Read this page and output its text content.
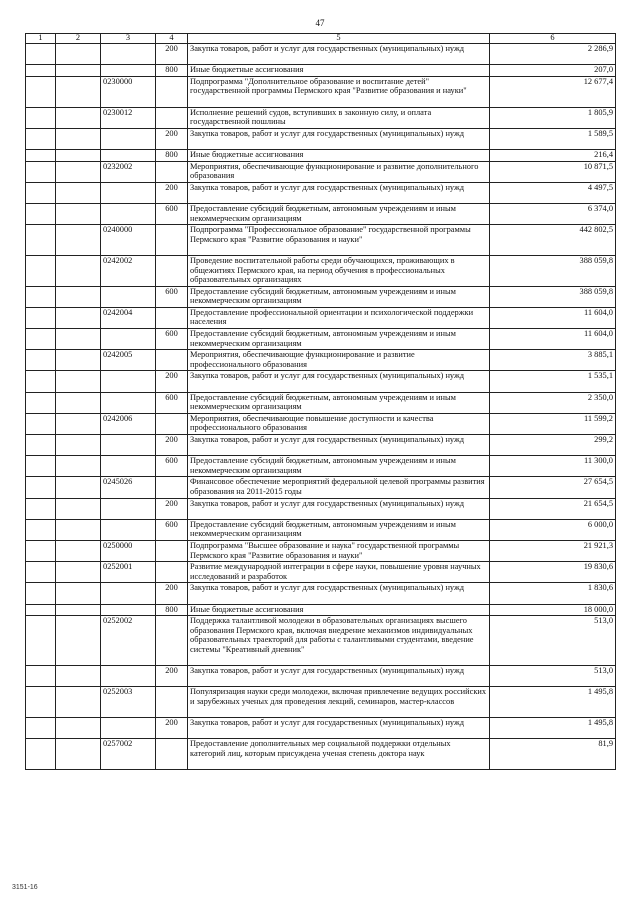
47
1	2	3	4	5	6
			200	Закупка товаров, работ и услуг для государственных (муниципальных) нужд	2 286,9
			800	Иные бюджетные ассигнования	207,0
		0230000		Подпрограмма "Дополнительное образование и воспитание детей" государственной программы Пермского края "Развитие образования и науки"	12 677,4
		0230012		Исполнение решений судов, вступивших в законную силу, и оплата государственной пошлины	1 805,9
			200	Закупка товаров, работ и услуг для государственных (муниципальных) нужд	1 589,5
			800	Иные бюджетные ассигнования	216,4
		0232002		Мероприятия, обеспечивающие функционирование и развитие дополнительного образования	10 871,5
			200	Закупка товаров, работ и услуг для государственных (муниципальных) нужд	4 497,5
			600	Предоставление субсидий бюджетным, автономным учреждениям и иным некоммерческим организациям	6 374,0
		0240000		Подпрограмма "Профессиональное образование" государственной программы Пермского края "Развитие образования и науки"	442 802,5
		0242002		Проведение воспитательной работы среди обучающихся, проживающих в общежитиях Пермского края, на период обучения в профессиональных образовательных организациях	388 059,8
			600	Предоставление субсидий бюджетным, автономным учреждениям и иным некоммерческим организациям	388 059,8
		0242004		Предоставление профессиональной ориентации и психологической поддержки населения	11 604,0
			600	Предоставление субсидий бюджетным, автономным учреждениям и иным некоммерческим организациям	11 604,0
		0242005		Мероприятия, обеспечивающие функционирование и развитие профессионального образования	3 885,1
			200	Закупка товаров, работ и услуг для государственных (муниципальных) нужд	1 535,1
			600	Предоставление субсидий бюджетным, автономным учреждениям и иным некоммерческим организациям	2 350,0
		0242006		Мероприятия, обеспечивающие повышение доступности и качества профессионального образования	11 599,2
			200	Закупка товаров, работ и услуг для государственных (муниципальных) нужд	299,2
			600	Предоставление субсидий бюджетным, автономным учреждениям и иным некоммерческим организациям	11 300,0
		0245026		Финансовое обеспечение мероприятий федеральной целевой программы развития образования на 2011-2015 годы	27 654,5
			200	Закупка товаров, работ и услуг для государственных (муниципальных) нужд	21 654,5
			600	Предоставление субсидий бюджетным, автономным учреждениям и иным некоммерческим организациям	6 000,0
		0250000		Подпрограмма "Высшее образование и наука" государственной программы Пермского края "Развитие образования и науки"	21 921,3
		0252001		Развитие международной интеграции в сфере науки, повышение уровня научных исследований и разработок	19 830,6
			200	Закупка товаров, работ и услуг для государственных (муниципальных) нужд	1 830,6
			800	Иные бюджетные ассигнования	18 000,0
		0252002		Поддержка талантливой молодежи в образовательных организациях высшего образования Пермского края, включая внедрение механизмов индивидуальных образовательных траекторий для работы с талантливыми студентами, введение системы "Креативный дневник"	513,0
			200	Закупка товаров, работ и услуг для государственных (муниципальных) нужд	513,0
		0252003		Популяризация науки среди молодежи, включая привлечение ведущих российских и зарубежных ученых для проведения лекций, семинаров, мастер-классов	1 495,8
			200	Закупка товаров, работ и услуг для государственных (муниципальных) нужд	1 495,8
		0257002		Предоставление дополнительных мер социальной поддержки отдельных категорий лиц, которым присуждена ученая степень доктора наук	81,9
3151-16
